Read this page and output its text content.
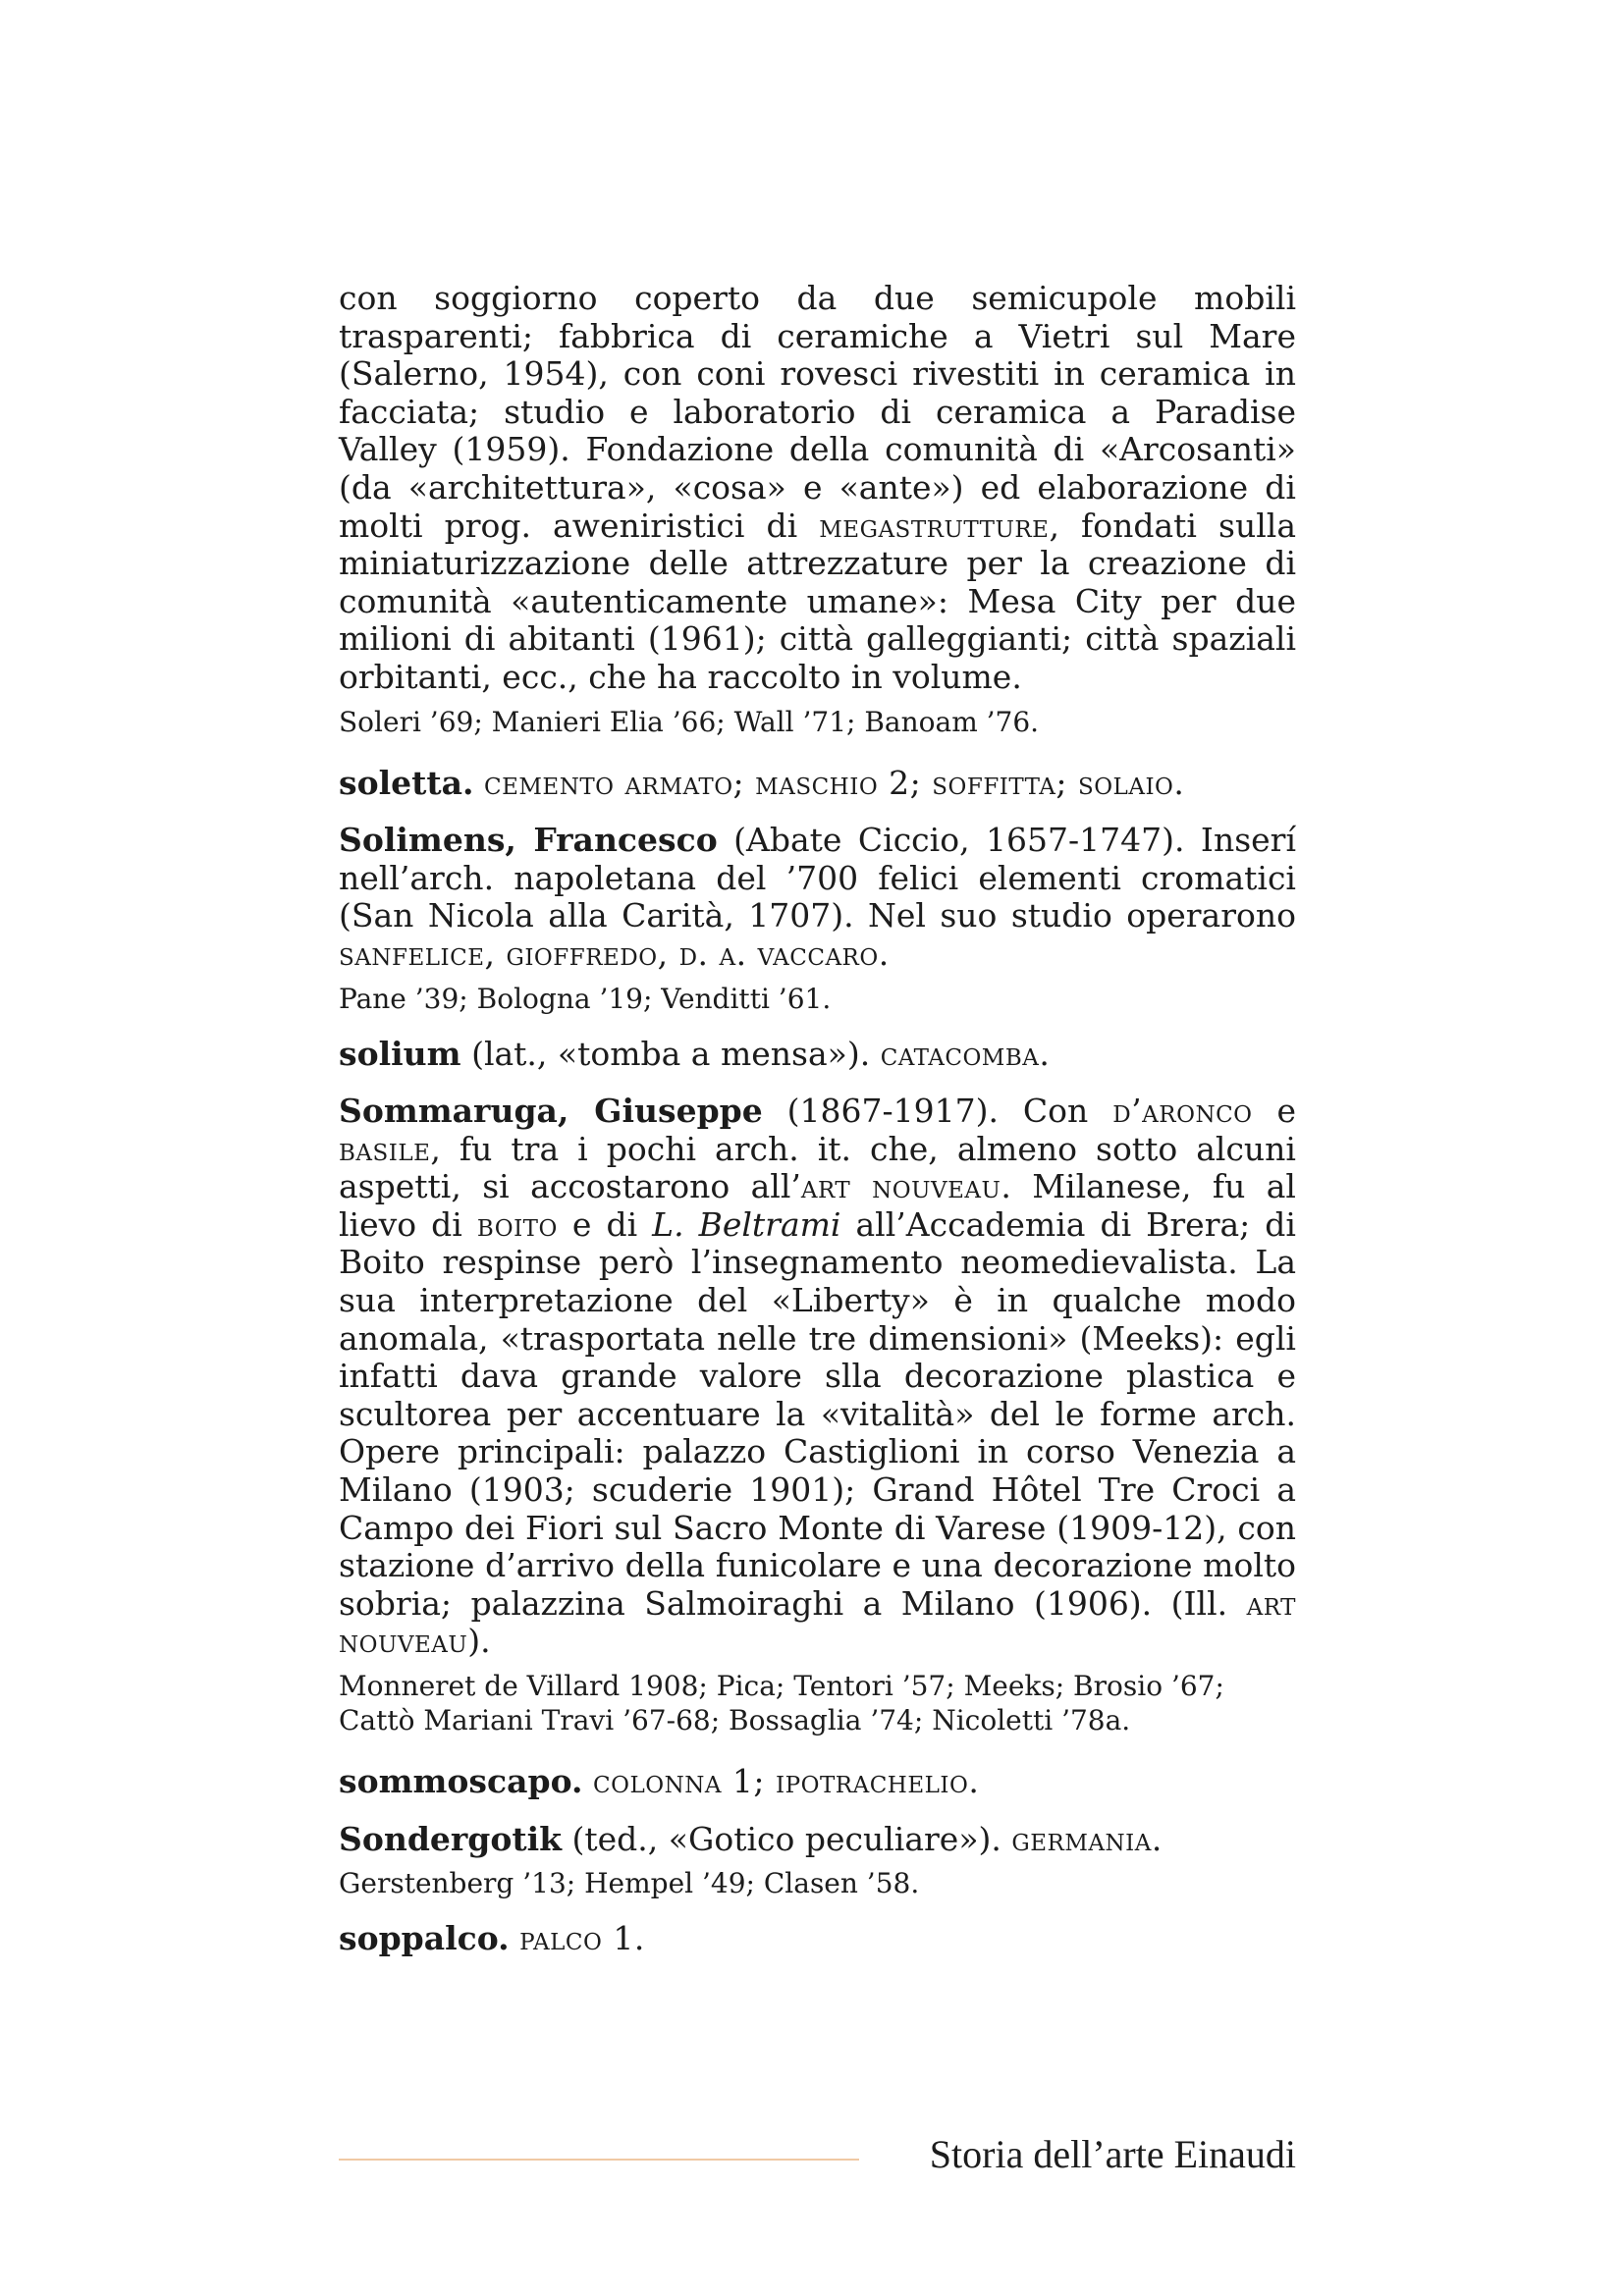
con soggiorno coperto da due semicupole mobili trasparenti; fabbrica di ceramiche a Vietri sul Mare (Salerno, 1954), con coni rovesci rivestiti in ceramica in facciata; studio e laboratorio di ceramica a Paradise Valley (1959). Fondazione della comunità di «Arcosanti» (da «architettura», «cosa» e «ante») ed elaborazione di molti prog. aweniristici di megastrutture, fondati sulla miniaturizzazione delle attrezzature per la creazione di comunità «autenticamente umane»: Mesa City per due milioni di abitanti (1961); città galleggianti; città spaziali orbitanti, ecc., che ha raccolto in volume.

Soleri ’69; Manieri Elia ’66; Wall ’71; Banoam ’76.

soletta. cemento armato; maschio 2; soffitta; solaio.

Solimens, Francesco (Abate Ciccio, 1657-1747). Inserí nell’arch. napoletana del ’700 felici elementi cromatici (San Nicola alla Carità, 1707). Nel suo studio operarono sanfelice, gioffredo, d. a. vaccaro.

Pane ’39; Bologna ’19; Venditti ’61.

solium (lat., «tomba a mensa»). catacomba.

Sommaruga, Giuseppe (1867-1917). Con d’aronco e basile, fu tra i pochi arch. it. che, almeno sotto alcuni aspetti, si accostarono all’art nouveau. Milanese, fu al lievo di boito e di L. Beltrami all’Accademia di Brera; di Boito respinse però l’insegnamento neomedievalista. La sua interpretazione del «Liberty» è in qualche modo anomala, «trasportata nelle tre dimensioni» (Meeks): egli infatti dava grande valore slla decorazione plastica e scultorea per accentuare la «vitalità» del le forme arch. Opere principali: palazzo Castiglioni in corso Venezia a Milano (1903; scuderie 1901); Grand Hôtel Tre Croci a Campo dei Fiori sul Sacro Monte di Varese (1909-12), con stazione d’arrivo della funicolare e una decorazione molto sobria; palazzina Salmoiraghi a Milano (1906). (Ill. art nouveau).

Monneret de Villard 1908; Pica; Tentori ’57; Meeks; Brosio ’67; Cattò Mariani Travi ’67-68; Bossaglia ’74; Nicoletti ’78a.

sommoscapo. colonna 1; ipotrachelio.

Sondergotik (ted., «Gotico peculiare»). germania.

Gerstenberg ’13; Hempel ’49; Clasen ’58.

soppalco. palco 1.

Storia dell’arte Einaudi
